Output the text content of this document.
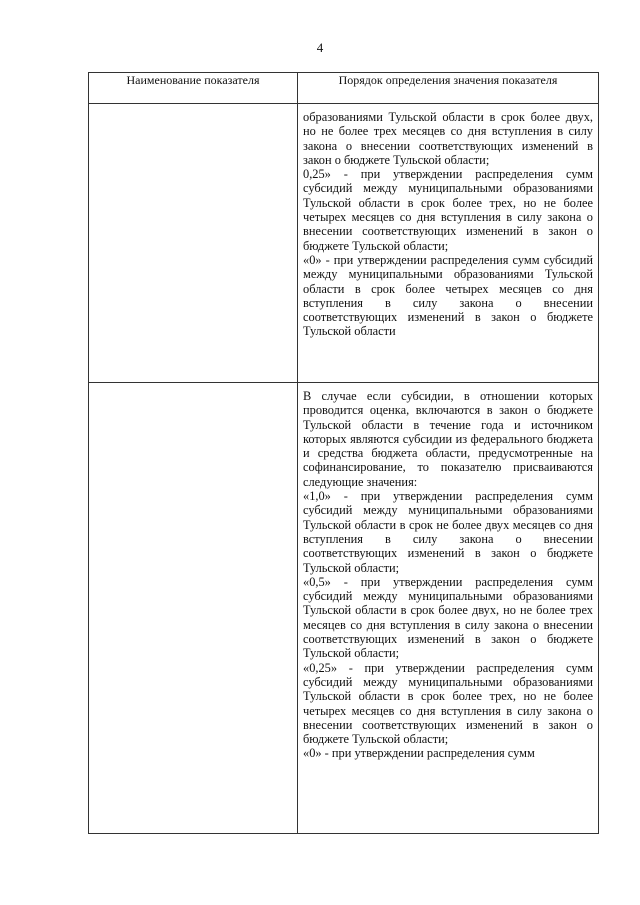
4
Наименование показателя	Порядок определения значения показателя

	образованиями Тульской области в срок более двух, но не более трех месяцев со дня вступления в силу закона о внесении соответствующих изменений в закон о бюджете Тульской области;

0,25» - при утверждении распределения сумм субсидий между муниципальными образованиями Тульской области в срок более трех, но не более четырех месяцев со дня вступления в силу закона о внесении соответствующих изменений в закон о бюджете Тульской области;

«0» - при утверждении распределения сумм субсидий между муниципальными образованиями Тульской области в срок более четырех месяцев со дня вступления в силу закона о внесении соответствующих изменений в закон о бюджете Тульской области

	В случае если субсидии, в отношении которых проводится оценка, включаются в закон о бюджете Тульской области в течение года и источником которых являются субсидии из федерального бюджета и средства бюджета области, предусмотренные на софинансирование, то показателю присваиваются следующие значения:

«1,0» - при утверждении распределения сумм субсидий между муниципальными образованиями Тульской области в срок не более двух месяцев со дня вступления в силу закона о внесении соответствующих изменений в закон о бюджете Тульской области;

«0,5» - при утверждении распределения сумм субсидий между муниципальными образованиями Тульской области в срок более двух, но не более трех месяцев со дня вступления в силу закона о внесении соответствующих изменений в закон о бюджете Тульской области;

«0,25» - при утверждении распределения сумм субсидий между муниципальными образованиями Тульской области в срок более трех, но не более четырех месяцев со дня вступления в силу закона о внесении соответствующих изменений в закон о бюджете Тульской области;

«0» - при утверждении распределения сумм
